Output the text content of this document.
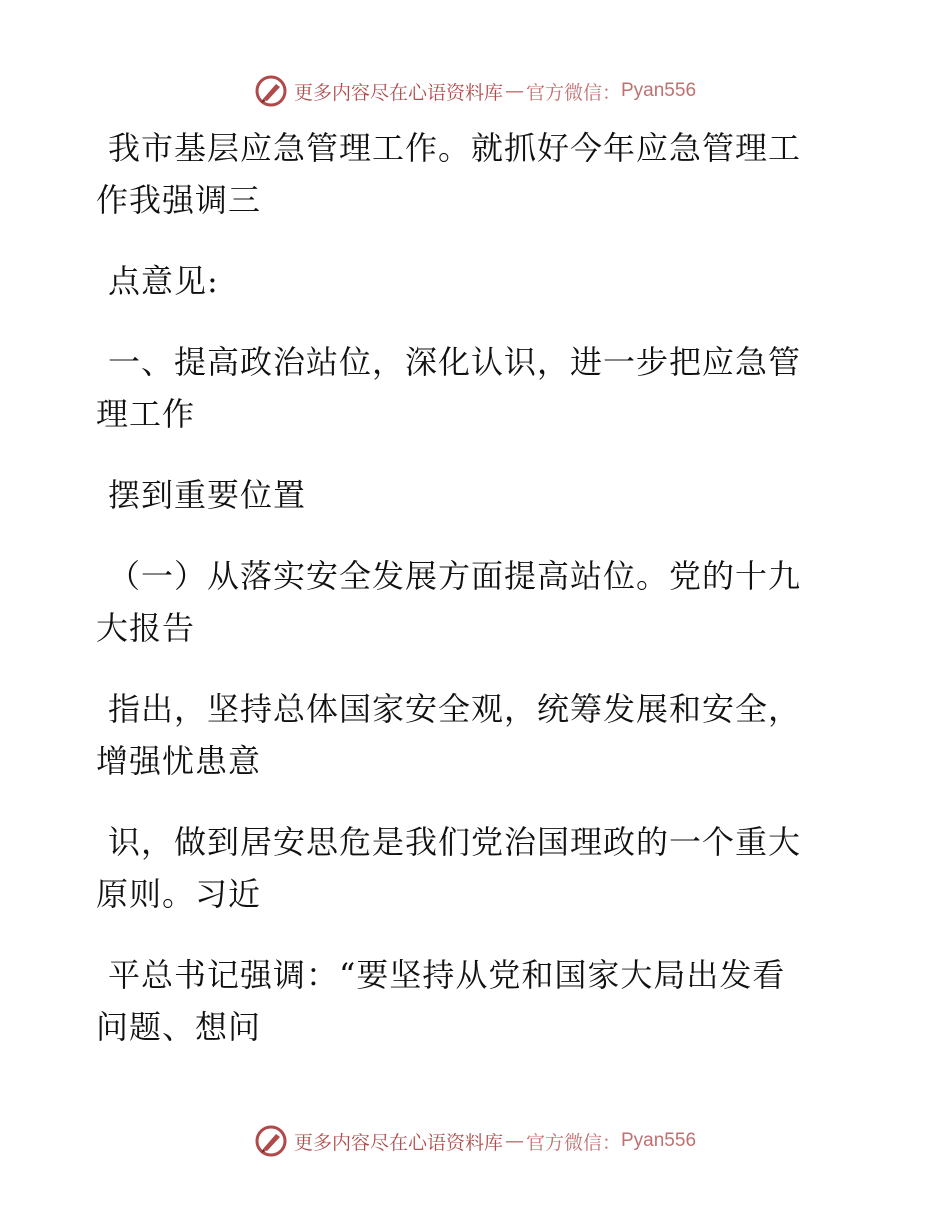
更多内容尽在心语资料库 — 官方微信： Pyan556

我市基层应急管理工作。就抓好今年应急管理工
作我强调三

点意见:

一、提高政治站位，深化认识，进一步把应急管
理工作

摆到重要位置

（一）从落实安全发展方面提高站位。党的十九
大报告

指出，坚持总体国家安全观，统筹发展和安全，
增强忧患意

识，做到居安思危是我们党治国理政的一个重大
原则。习近

平总书记强调：“要坚持从党和国家大局出发看
问题、想问

更多内容尽在心语资料库 — 官方微信： Pyan556
